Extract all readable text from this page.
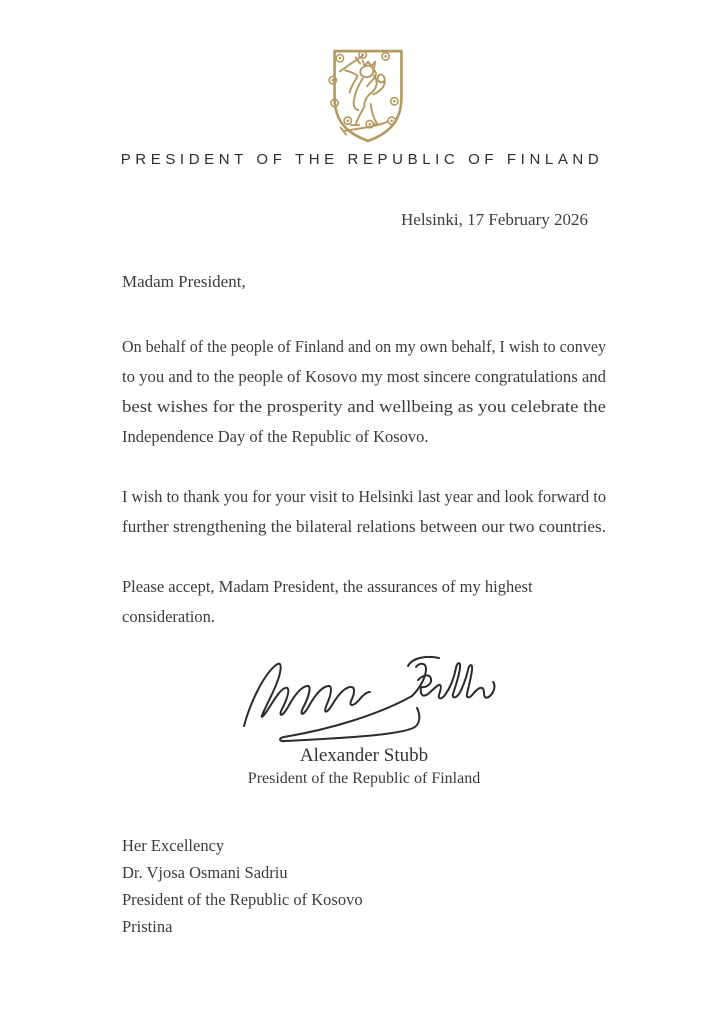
PRESIDENT OF THE REPUBLIC OF FINLAND
Helsinki, 17 February 2026
Madam President,
On behalf of the people of Finland and on my own behalf, I wish to convey
to you and to the people of Kosovo my most sincere congratulations and
best wishes for the prosperity and wellbeing as you celebrate the
Independence Day of the Republic of Kosovo.
I wish to thank you for your visit to Helsinki last year and look forward to
further strengthening the bilateral relations between our two countries.
Please accept, Madam President, the assurances of my highest
consideration.
Alexander Stubb
President of the Republic of Finland
Her Excellency
Dr. Vjosa Osmani Sadriu
President of the Republic of Kosovo
Pristina
